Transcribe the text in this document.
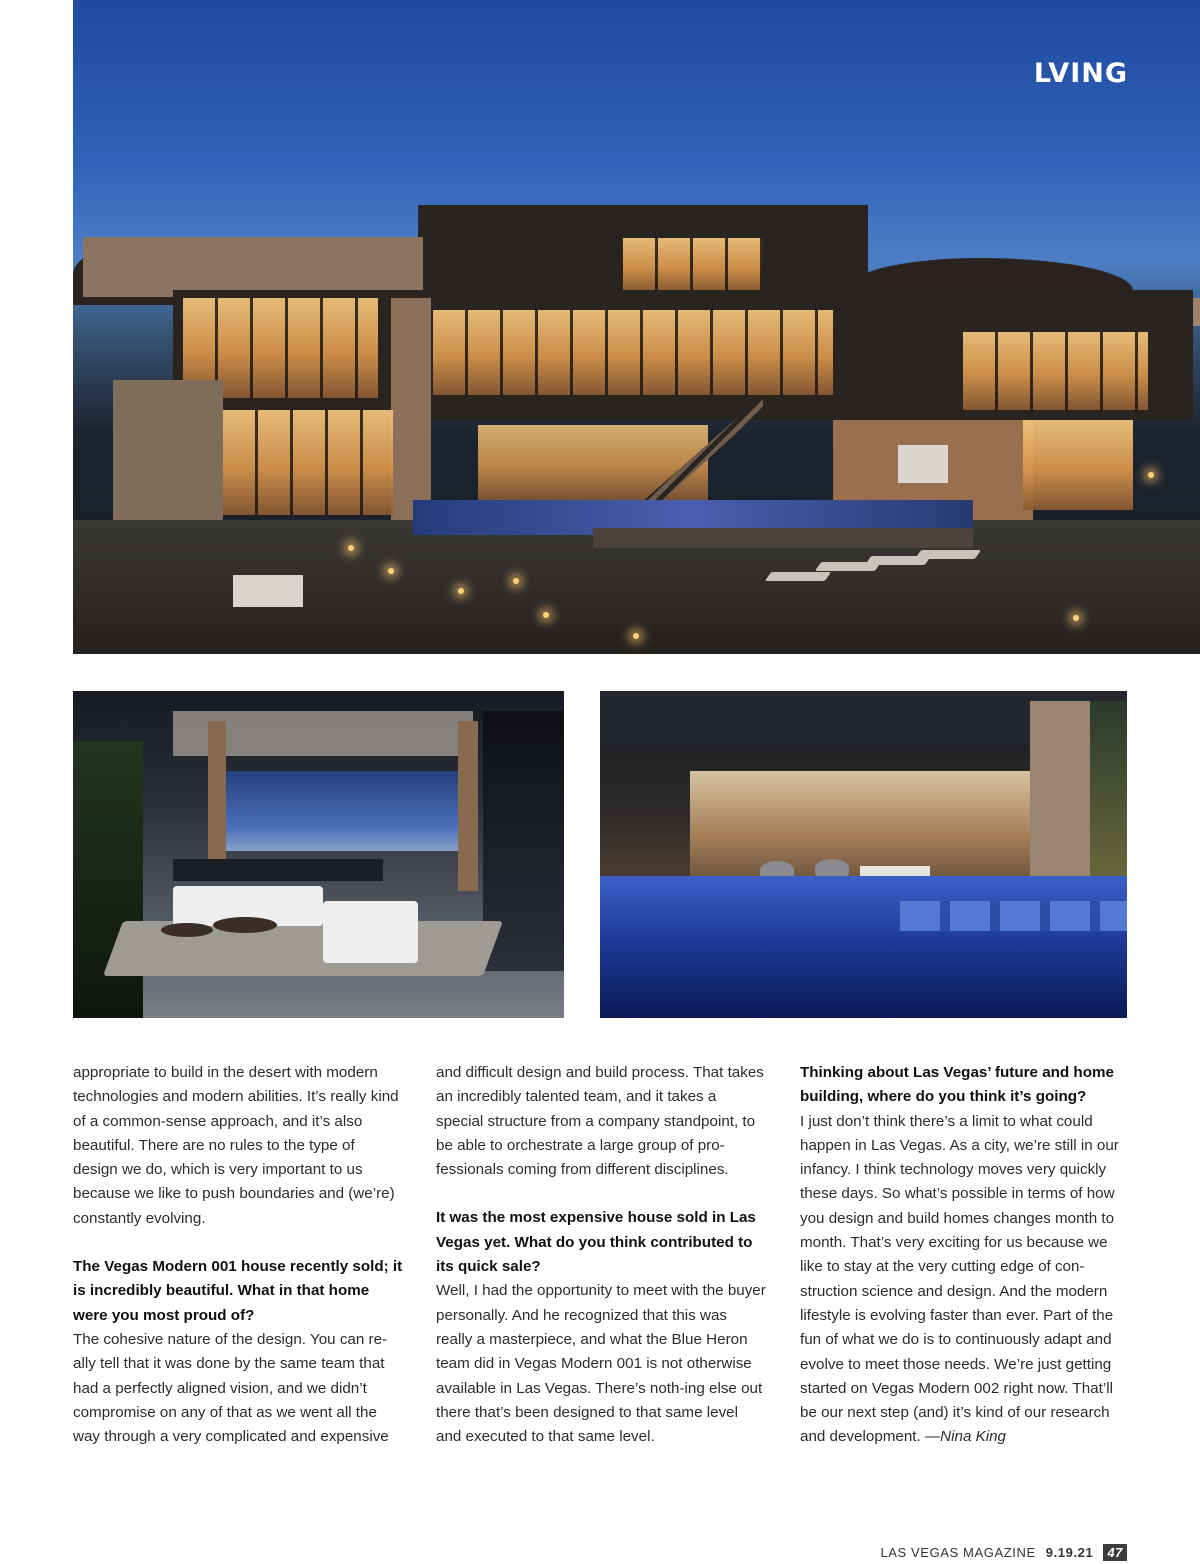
LVING

appropriate to build in the desert with modern technologies and modern abilities. It’s really kind of a common-sense approach, and it’s also beautiful. There are no rules to the type of design we do, which is very important to us because we like to push boundaries and (we’re) constantly evolving.

The Vegas Modern 001 house recently sold; it is incredibly beautiful. What in that home were you most proud of?
The cohesive nature of the design. You can re-ally tell that it was done by the same team that had a perfectly aligned vision, and we didn’t compromise on any of that as we went all the way through a very complicated and expensive

and difficult design and build process. That takes an incredibly talented team, and it takes a special structure from a company standpoint, to be able to orchestrate a large group of pro-fessionals coming from different disciplines.

It was the most expensive house sold in Las Vegas yet. What do you think contributed to its quick sale?
Well, I had the opportunity to meet with the buyer personally. And he recognized that this was really a masterpiece, and what the Blue Heron team did in Vegas Modern 001 is not otherwise available in Las Vegas. There’s noth-ing else out there that’s been designed to that same level and executed to that same level.

Thinking about Las Vegas’ future and home building, where do you think it’s going?
I just don’t think there’s a limit to what could happen in Las Vegas. As a city, we’re still in our infancy. I think technology moves very quickly these days. So what’s possible in terms of how you design and build homes changes month to month. That’s very exciting for us because we like to stay at the very cutting edge of con-struction science and design. And the modern lifestyle is evolving faster than ever. Part of the fun of what we do is to continuously adapt and evolve to meet those needs. We’re just getting started on Vegas Modern 002 right now. That’ll be our next step (and) it’s kind of our research and development. —Nina King

LAS VEGAS MAGAZINE 9.19.21	47
